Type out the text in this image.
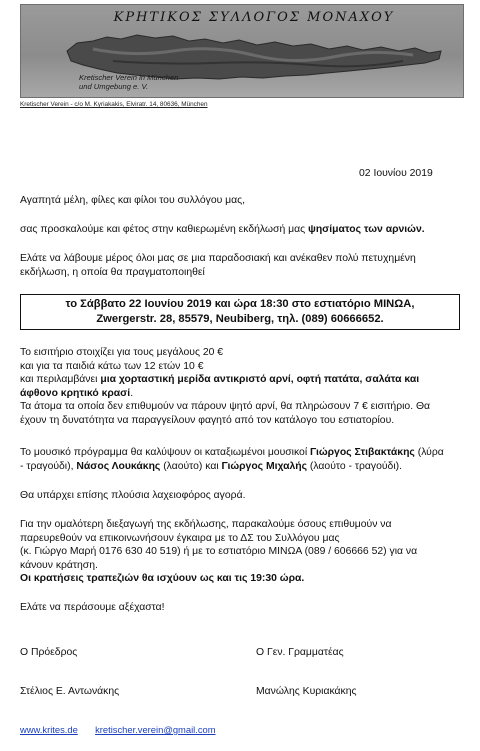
ΚΡΗΤΙΚΟΣ ΣΥΛΛΟΓΟΣ ΜΟΝΑΧΟΥ
Kretischer Verein in München
und Umgebung e. V.
Kretischer Verein - c/o M. Kyriakakis, Elviratr. 14, 80636, München
02 Ιουνίου 2019
Αγαπητά μέλη, φίλες και φίλοι του συλλόγου μας,
σας προσκαλούμε και φέτος στην καθιερωμένη εκδήλωσή μας ψησίματος των αρνιών.
Ελάτε να λάβουμε μέρος όλοι μας σε μια παραδοσιακή και ανέκαθεν πολύ πετυχημένη
εκδήλωση, η οποία θα πραγματοποιηθεί
το Σάββατο 22 Ιουνίου 2019 και ώρα 18:30 στο εστιατόριο ΜΙΝΩΑ,
Zwergerstr. 28, 85579, Neubiberg, τηλ. (089) 60666652.
Το εισιτήριο στοιχίζει για τους μεγάλους 20 €
και για τα παιδιά κάτω των 12 ετών 10 €
και περιλαμβάνει μια χορταστική μερίδα αντικριστό αρνί, οφτή πατάτα, σαλάτα και
άφθονο κρητικό κρασί.
Τα άτομα τα οποία δεν επιθυμούν να πάρουν ψητό αρνί, θα πληρώσουν 7 € εισιτήριο. Θα
έχουν τη δυνατότητα να παραγγείλουν φαγητό από τον κατάλογο του εστιατορίου.
Το μουσικό πρόγραμμα θα καλύψουν οι καταξιωμένοι μουσικοί Γιώργος Στιβακτάκης (λύρα
- τραγούδι), Νάσος Λουκάκης (λαούτο) και Γιώργος Μιχαλής (λαούτο - τραγούδι).
Θα υπάρχει επίσης πλούσια λαχειοφόρος αγορά.
Για την ομαλότερη διεξαγωγή της εκδήλωσης, παρακαλούμε όσους επιθυμούν να
παρευρεθούν να επικοινωνήσουν έγκαιρα με το ΔΣ του Συλλόγου μας
(κ. Γιώργο Μαρή 0176 630 40 519) ή με το εστιατόριο ΜΙΝΩΑ (089 / 606666 52) για να
κάνουν κράτηση.
Οι κρατήσεις τραπεζιών θα ισχύουν ως και τις 19:30 ώρα.
Ελάτε να περάσουμε αξέχαστα!
Ο Πρόεδρος	Ο Γεν. Γραμματέας
Στέλιος Ε. Αντωνάκης	Μανώλης Κυριακάκης
www.krites.de kretischer.verein@gmail.com
